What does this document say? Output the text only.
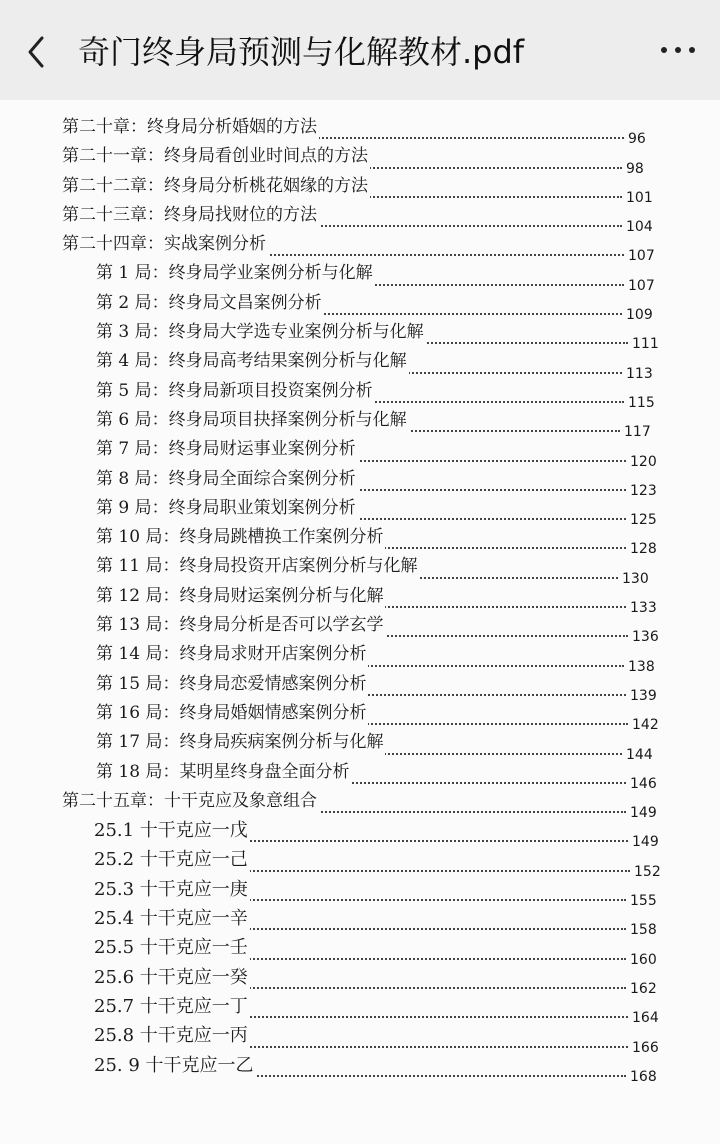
奇门终身局预测与化解教材.pdf
第二十章：终身局分析婚姻的方法
96
第二十一章：终身局看创业时间点的方法
98
第二十二章：终身局分析桃花姻缘的方法
101
第二十三章：终身局找财位的方法
104
第二十四章：实战案例分析
107
第 1 局：终身局学业案例分析与化解
107
第 2 局：终身局文昌案例分析
109
第 3 局：终身局大学选专业案例分析与化解
111
第 4 局：终身局高考结果案例分析与化解
113
第 5 局：终身局新项目投资案例分析
115
第 6 局：终身局项目抉择案例分析与化解
117
第 7 局：终身局财运事业案例分析
120
第 8 局：终身局全面综合案例分析
123
第 9 局：终身局职业策划案例分析
125
第 10 局：终身局跳槽换工作案例分析
128
第 11 局：终身局投资开店案例分析与化解
130
第 12 局：终身局财运案例分析与化解
133
第 13 局：终身局分析是否可以学玄学
136
第 14 局：终身局求财开店案例分析
138
第 15 局：终身局恋爱情感案例分析
139
第 16 局：终身局婚姻情感案例分析
142
第 17 局：终身局疾病案例分析与化解
144
第 18 局：某明星终身盘全面分析
146
第二十五章：十干克应及象意组合
149
25.1 十干克应一戊
149
25.2 十干克应一己
152
25.3 十干克应一庚
155
25.4 十干克应一辛
158
25.5 十干克应一壬
160
25.6 十干克应一癸
162
25.7 十干克应一丁
164
25.8 十干克应一丙
166
25. 9 十干克应一乙
168
